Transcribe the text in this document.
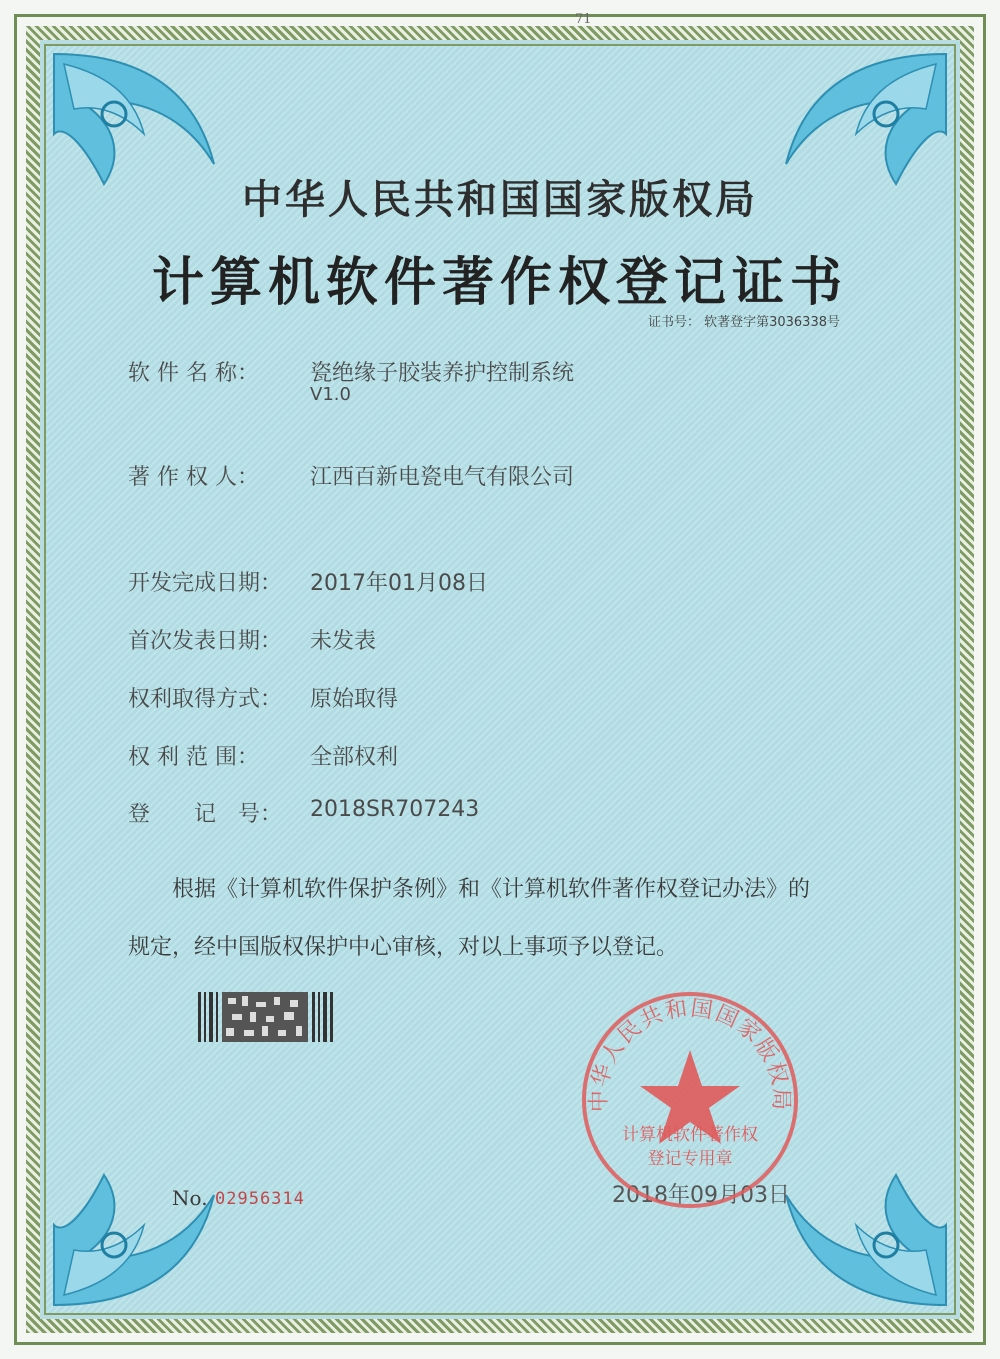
71
中华人民共和国国家版权局
计算机软件著作权登记证书
证书号： 软著登字第3036338号
软 件 名 称： 瓷绝缘子胶装养护控制系统
V1.0
著 作 权 人： 江西百新电瓷电气有限公司
开发完成日期： 2017年01月08日
首次发表日期： 未发表
权利取得方式： 原始取得
权 利 范 围： 全部权利
登　　记　号： 2018SR707243
根据《计算机软件保护条例》和《计算机软件著作权登记办法》的
规定，经中国版权保护中心审核，对以上事项予以登记。
No. 02956314	2018年09月03日
中华人民共和国国家版权局
计算机软件著作权
登记专用章
